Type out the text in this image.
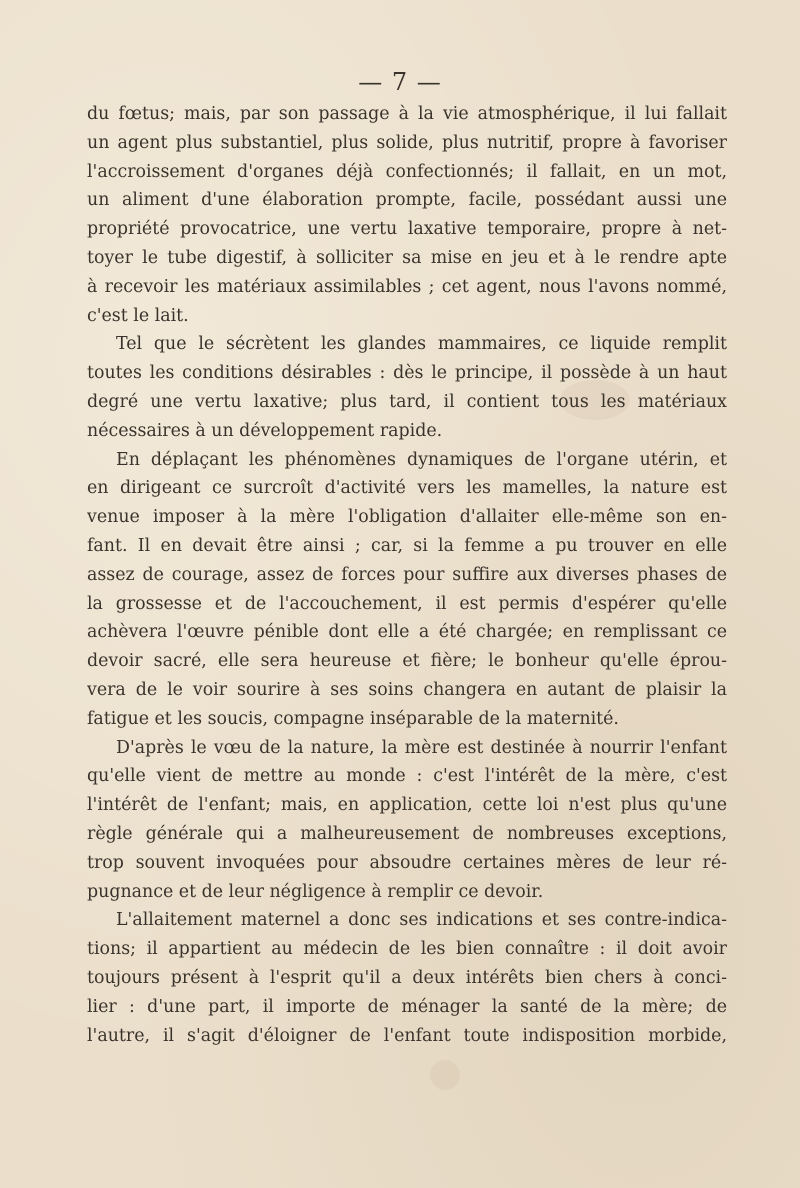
— 7 —
du fœtus; mais, par son passage à la vie atmosphérique, il lui fallait
un agent plus substantiel, plus solide, plus nutritif, propre à favoriser
l'accroissement d'organes déjà confectionnés; il fallait, en un mot,
un aliment d'une élaboration prompte, facile, possédant aussi une
propriété provocatrice, une vertu laxative temporaire, propre à net-
toyer le tube digestif, à solliciter sa mise en jeu et à le rendre apte
à recevoir les matériaux assimilables ; cet agent, nous l'avons nommé,
c'est le lait.
Tel que le sécrètent les glandes mammaires, ce liquide remplit
toutes les conditions désirables : dès le principe, il possède à un haut
degré une vertu laxative; plus tard, il contient tous les matériaux
nécessaires à un développement rapide.
En déplaçant les phénomènes dynamiques de l'organe utérin, et
en dirigeant ce surcroît d'activité vers les mamelles, la nature est
venue imposer à la mère l'obligation d'allaiter elle-même son en-
fant. Il en devait être ainsi ; car, si la femme a pu trouver en elle
assez de courage, assez de forces pour suffire aux diverses phases de
la grossesse et de l'accouchement, il est permis d'espérer qu'elle
achèvera l'œuvre pénible dont elle a été chargée; en remplissant ce
devoir sacré, elle sera heureuse et fière; le bonheur qu'elle éprou-
vera de le voir sourire à ses soins changera en autant de plaisir la
fatigue et les soucis, compagne inséparable de la maternité.
D'après le vœu de la nature, la mère est destinée à nourrir l'enfant
qu'elle vient de mettre au monde : c'est l'intérêt de la mère, c'est
l'intérêt de l'enfant; mais, en application, cette loi n'est plus qu'une
règle générale qui a malheureusement de nombreuses exceptions,
trop souvent invoquées pour absoudre certaines mères de leur ré-
pugnance et de leur négligence à remplir ce devoir.
L'allaitement maternel a donc ses indications et ses contre-indica-
tions; il appartient au médecin de les bien connaître : il doit avoir
toujours présent à l'esprit qu'il a deux intérêts bien chers à conci-
lier : d'une part, il importe de ménager la santé de la mère; de
l'autre, il s'agit d'éloigner de l'enfant toute indisposition morbide,
